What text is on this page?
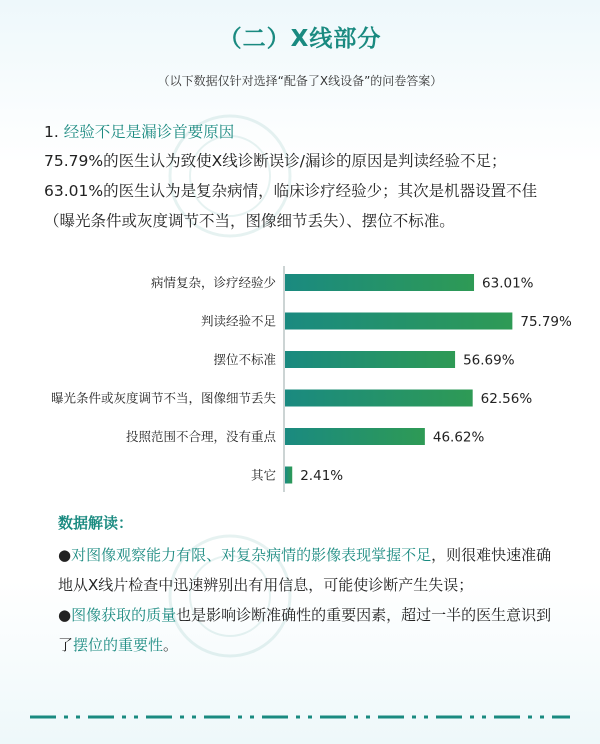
（二）X线部分
（以下数据仅针对选择“配备了X线设备”的问卷答案）
1. 经验不足是漏诊首要原因
75.79%的医生认为致使X线诊断误诊/漏诊的原因是判读经验不足；63.01%的医生认为是复杂病情，临床诊疗经验少；其次是机器设置不佳（曝光条件或灰度调节不当，图像细节丢失）、摆位不标准。
病情复杂，诊疗经验少	63.01%
判读经验不足	75.79%
摆位不标准	56.69%
曝光条件或灰度调节不当，图像细节丢失	62.56%
投照范围不合理，没有重点	46.62%
其它 2.41%
数据解读：

●对图像观察能力有限、对复杂病情的影像表现掌握不足，则很难快速准确地从X线片检查中迅速辨别出有用信息，可能使诊断产生失误；

●图像获取的质量也是影响诊断准确性的重要因素，超过一半的医生意识到了摆位的重要性。
